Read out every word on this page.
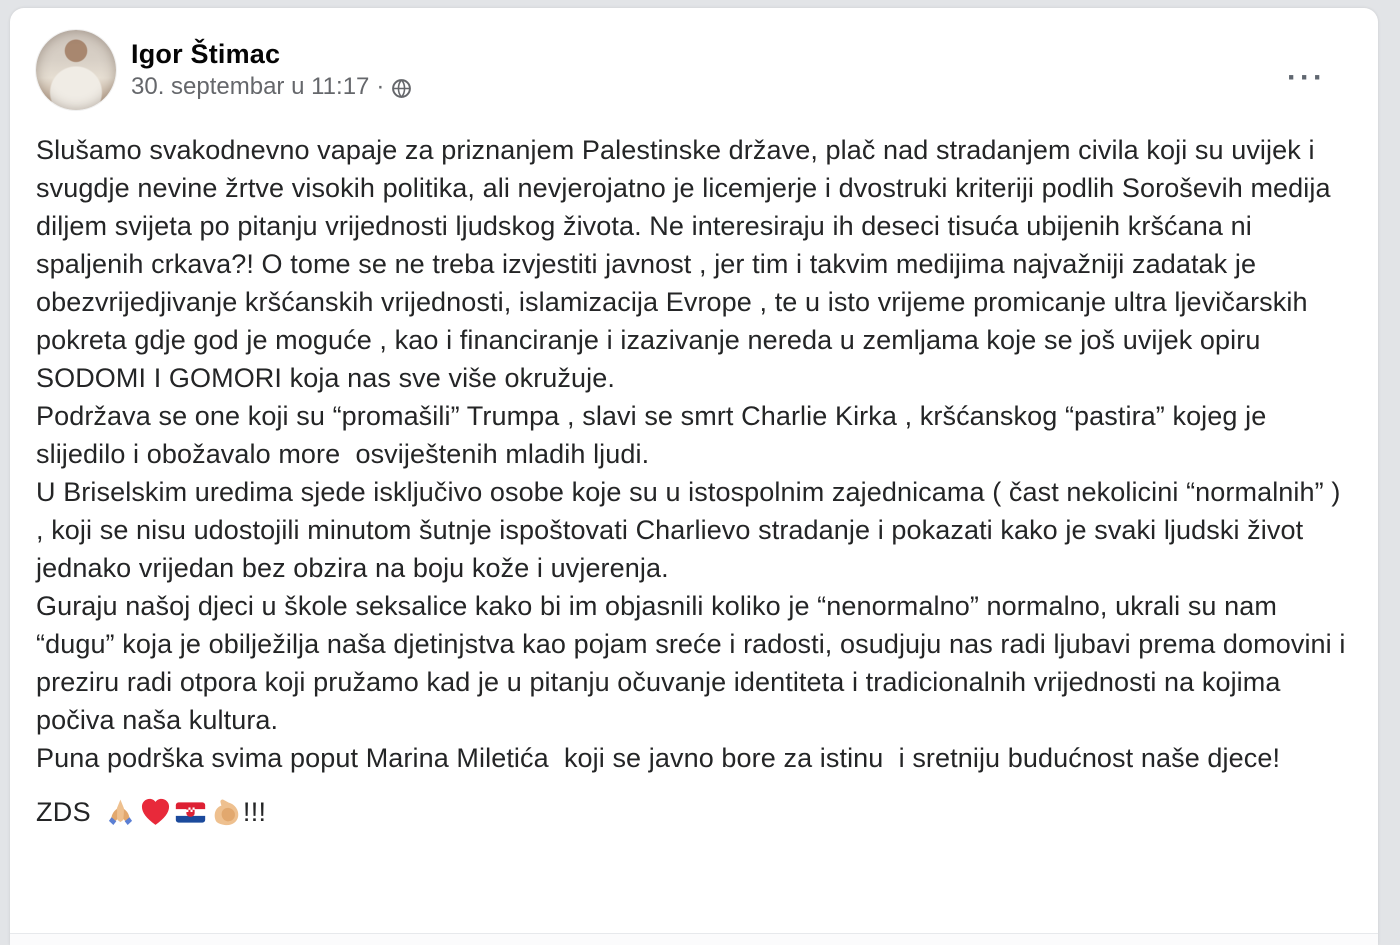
Igor Štimac
30. septembar u 11:17 ·	···

Slušamo svakodnevno vapaje za priznanjem Palestinske države, plač nad stradanjem civila koji su uvijek i svugdje nevine žrtve visokih politika, ali nevjerojatno je licemjerje i dvostruki kriteriji podlih Soroševih medija diljem svijeta po pitanju vrijednosti ljudskog života. Ne interesiraju ih deseci tisuća ubijenih kršćana ni spaljenih crkava?! O tome se ne treba izvjestiti javnost , jer tim i takvim medijima najvažniji zadatak je obezvrijedjivanje kršćanskih vrijednosti, islamizacija Evrope , te u isto vrijeme promicanje ultra ljevičarskih pokreta gdje god je moguće , kao i financiranje i izazivanje nereda u zemljama koje se još uvijek opiru SODOMI I GOMORI koja nas sve više okružuje.

Podržava se one koji su “promašili” Trumpa , slavi se smrt Charlie Kirka , kršćanskog “pastira” kojeg je slijedilo i obožavalo more  osviještenih mladih ljudi.

U Briselskim uredima sjede isključivo osobe koje su u istospolnim zajednicama ( čast nekolicini “normalnih” ) , koji se nisu udostojili minutom šutnje ispoštovati Charlievo stradanje i pokazati kako je svaki ljudski život jednako vrijedan bez obzira na boju kože i uvjerenja.

Guraju našoj djeci u škole seksalice kako bi im objasnili koliko je “nenormalno” normalno, ukrali su nam “dugu” koja je obilježilja naša djetinjstva kao pojam sreće i radosti, osudjuju nas radi ljubavi prema domovini i preziru radi otpora koji pružamo kad je u pitanju očuvanje identiteta i tradicionalnih vrijednosti na kojima počiva naša kultura.

Puna podrška svima poput Marina Miletića  koji se javno bore za istinu  i sretniju budućnost naše djece!

ZDS	!!!
